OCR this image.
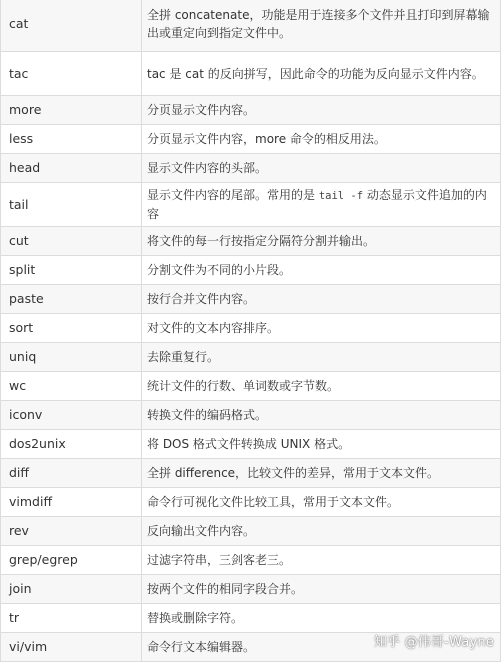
cat	全拼 concatenate，功能是用于连接多个文件并且打印到屏幕输出或重定向到指定文件中。
tac	tac 是 cat 的反向拼写，因此命令的功能为反向显示文件内容。
more	分页显示文件内容。
less	分页显示文件内容，more 命令的相反用法。
head	显示文件内容的头部。
tail	显示文件内容的尾部。常用的是 tail -f 动态显示文件追加的内容
cut	将文件的每一行按指定分隔符分割并输出。
split	分割文件为不同的小片段。
paste	按行合并文件内容。
sort	对文件的文本内容排序。
uniq	去除重复行。
wc	统计文件的行数、单词数或字节数。
iconv	转换文件的编码格式。
dos2unix	将 DOS 格式文件转换成 UNIX 格式。
diff	全拼 difference，比较文件的差异，常用于文本文件。
vimdiff	命令行可视化文件比较工具，常用于文本文件。
rev	反向输出文件内容。
grep/egrep	过滤字符串，三剑客老三。
join	按两个文件的相同字段合并。
tr	替换或删除字符。
vi/vim	命令行文本编辑器。	知乎 @伟哥-Wayne
